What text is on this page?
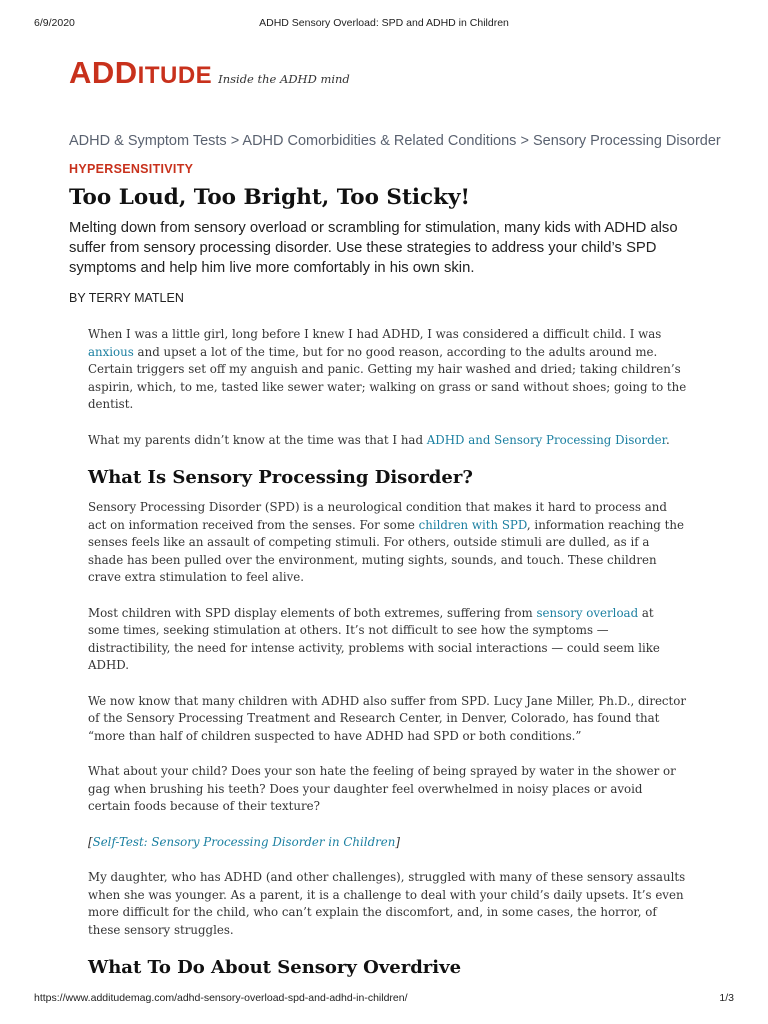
6/9/2020	ADHD Sensory Overload: SPD and ADHD in Children
ADDITUDE Inside the ADHD mind
ADHD & Symptom Tests > ADHD Comorbidities & Related Conditions > Sensory Processing Disorder
HYPERSENSITIVITY
Too Loud, Too Bright, Too Sticky!

Melting down from sensory overload or scrambling for stimulation, many kids with ADHD also suffer from sensory processing disorder. Use these strategies to address your child’s SPD symptoms and help him live more comfortably in his own skin.

BY TERRY MATLEN

When I was a little girl, long before I knew I had ADHD, I was considered a difficult child. I was anxious and upset a lot of the time, but for no good reason, according to the adults around me. Certain triggers set off my anguish and panic. Getting my hair washed and dried; taking children’s aspirin, which, to me, tasted like sewer water; walking on grass or sand without shoes; going to the dentist.

What my parents didn’t know at the time was that I had ADHD and Sensory Processing Disorder.

What Is Sensory Processing Disorder?

Sensory Processing Disorder (SPD) is a neurological condition that makes it hard to process and act on information received from the senses. For some children with SPD, information reaching the senses feels like an assault of competing stimuli. For others, outside stimuli are dulled, as if a shade has been pulled over the environment, muting sights, sounds, and touch. These children crave extra stimulation to feel alive.

Most children with SPD display elements of both extremes, suffering from sensory overload at some times, seeking stimulation at others. It’s not difficult to see how the symptoms — distractibility, the need for intense activity, problems with social interactions — could seem like ADHD.

We now know that many children with ADHD also suffer from SPD. Lucy Jane Miller, Ph.D., director of the Sensory Processing Treatment and Research Center, in Denver, Colorado, has found that “more than half of children suspected to have ADHD had SPD or both conditions.”

What about your child? Does your son hate the feeling of being sprayed by water in the shower or gag when brushing his teeth? Does your daughter feel overwhelmed in noisy places or avoid certain foods because of their texture?

[Self-Test: Sensory Processing Disorder in Children]

My daughter, who has ADHD (and other challenges), struggled with many of these sensory assaults when she was younger. As a parent, it is a challenge to deal with your child’s daily upsets. It’s even more difficult for the child, who can’t explain the discomfort, and, in some cases, the horror, of these sensory struggles.

What To Do About Sensory Overdrive
https://www.additudemag.com/adhd-sensory-overload-spd-and-adhd-in-children/	1/3
